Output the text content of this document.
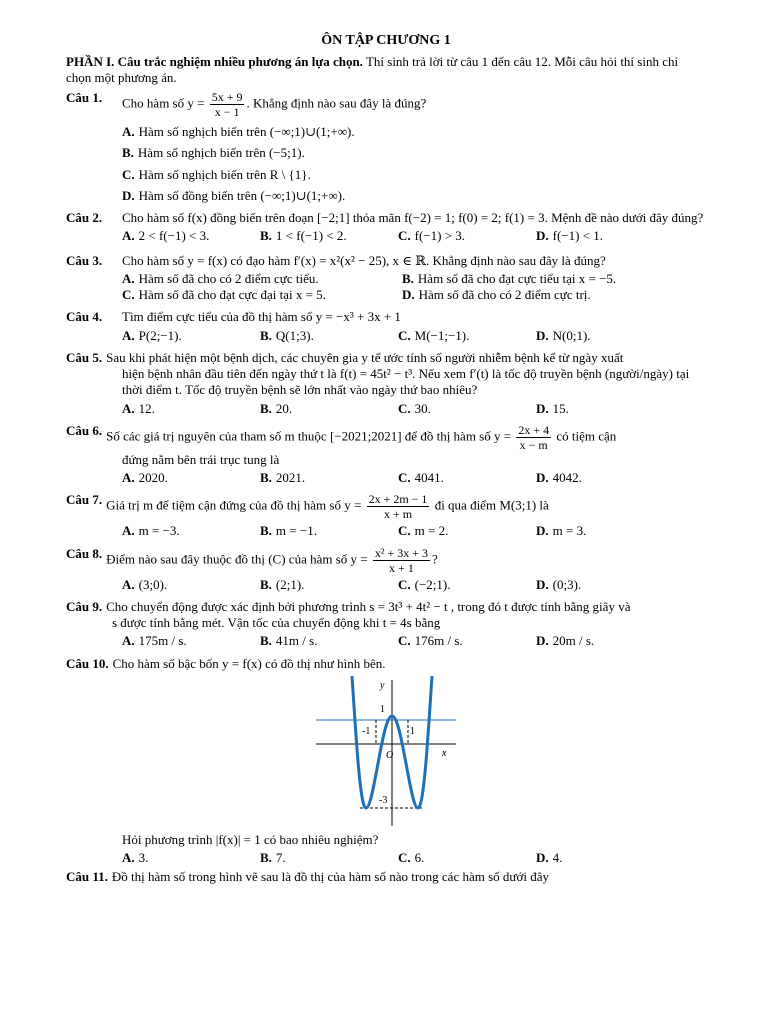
ÔN TẬP CHƯƠNG 1
PHẦN I. Câu trắc nghiệm nhiều phương án lựa chọn. Thí sinh trả lời từ câu 1 đến câu 12. Mỗi câu hỏi thí sinh chỉ chọn một phương án.
Câu 1.	Cho hàm số $y = \frac{5x + 9}{x - 1}$ . Khẳng định nào sau đây là đúng?
A. Hàm số nghịch biến trên (−∞;1)∪(1;+∞).
B. Hàm số nghịch biến trên (−5;1).
C. Hàm số nghịch biến trên R \ {1}.
D. Hàm số đồng biến trên (−∞;1)∪(1;+∞).
Câu 2.	Cho hàm số f(x) đồng biến trên đoạn [−2;1] thỏa mãn f(−2) = 1; f(0) = 2; f(1) = 3. Mệnh đề nào dưới đây đúng?
A. 2 < f(−1) < 3.	B. 1 < f(−1) < 2.	C. f(−1) > 3.	D. f(−1) < 1.
Câu 3.	Cho hàm số y = f(x) có đạo hàm f′(x) = x²(x² − 25), x ∈ ℝ. Khẳng định nào sau đây là đúng?
A. Hàm số đã cho có 2 điểm cực tiểu.	B. Hàm số đã cho đạt cực tiểu tại x = −5.
C. Hàm số đã cho đạt cực đại tại x = 5.	D. Hàm số đã cho có 2 điểm cực trị.
Câu 4.	Tìm điểm cực tiểu của đồ thị hàm số y = −x³ + 3x + 1
A. P(2;−1).	B. Q(1;3).	C. M(−1;−1).	D. N(0;1).
Câu 5. Sau khi phát hiện một bệnh dịch, các chuyên gia y tế ước tính số người nhiễm bệnh kể từ ngày xuất
hiện bệnh nhân đầu tiên đến ngày thứ t là f(t) = 45t² − t³. Nếu xem f′(t) là tốc độ truyền bệnh (người/ngày) tại thời điểm t. Tốc độ truyền bệnh sẽ lớn nhất vào ngày thứ bao nhiêu?
A. 12.	B. 20.	C. 30.	D. 15.
Câu 6. Số các giá trị nguyên của tham số m thuộc [−2021;2021] để đồ thị hàm số $y = \frac{2x + 4}{x - m}$ có tiệm cận
đứng nằm bên trái trục tung là
A. 2020.	B. 2021.	C. 4041.	D. 4042.
Câu 7. Giá trị m để tiệm cận đứng của đồ thị hàm số $y = \frac{2x + 2m - 1}{x + m}$ đi qua điểm M(3;1) là
A. m = −3.	B. m = −1.	C. m = 2.	D. m = 3.
Câu 8. Điểm nào sau đây thuộc đồ thị (C) của hàm số $y = \frac{\text{x² + 3x + 3}}{x + 1}$ ?
A. (3;0).	B. (2;1).	C. (−2;1).	D. (0;3).
Câu 9. Cho chuyển động được xác định bởi phương trình s = 3t³ + 4t² − t , trong đó t được tính bằng giây và
s được tính bằng mét. Vận tốc của chuyển động khi t = 4s bằng
A. 175m / s.	B. 41m / s.	C. 176m / s.	D. 20m / s.
Câu 10. Cho hàm số bậc bốn y = f(x) có đồ thị như hình bên.
y
x
O
1
-1	1
-3
Hỏi phương trình |f(x)| = 1 có bao nhiêu nghiệm?
A. 3.	B. 7.	C. 6.	D. 4.
Câu 11. Đồ thị hàm số trong hình vẽ sau là đồ thị của hàm số nào trong các hàm số dưới đây
